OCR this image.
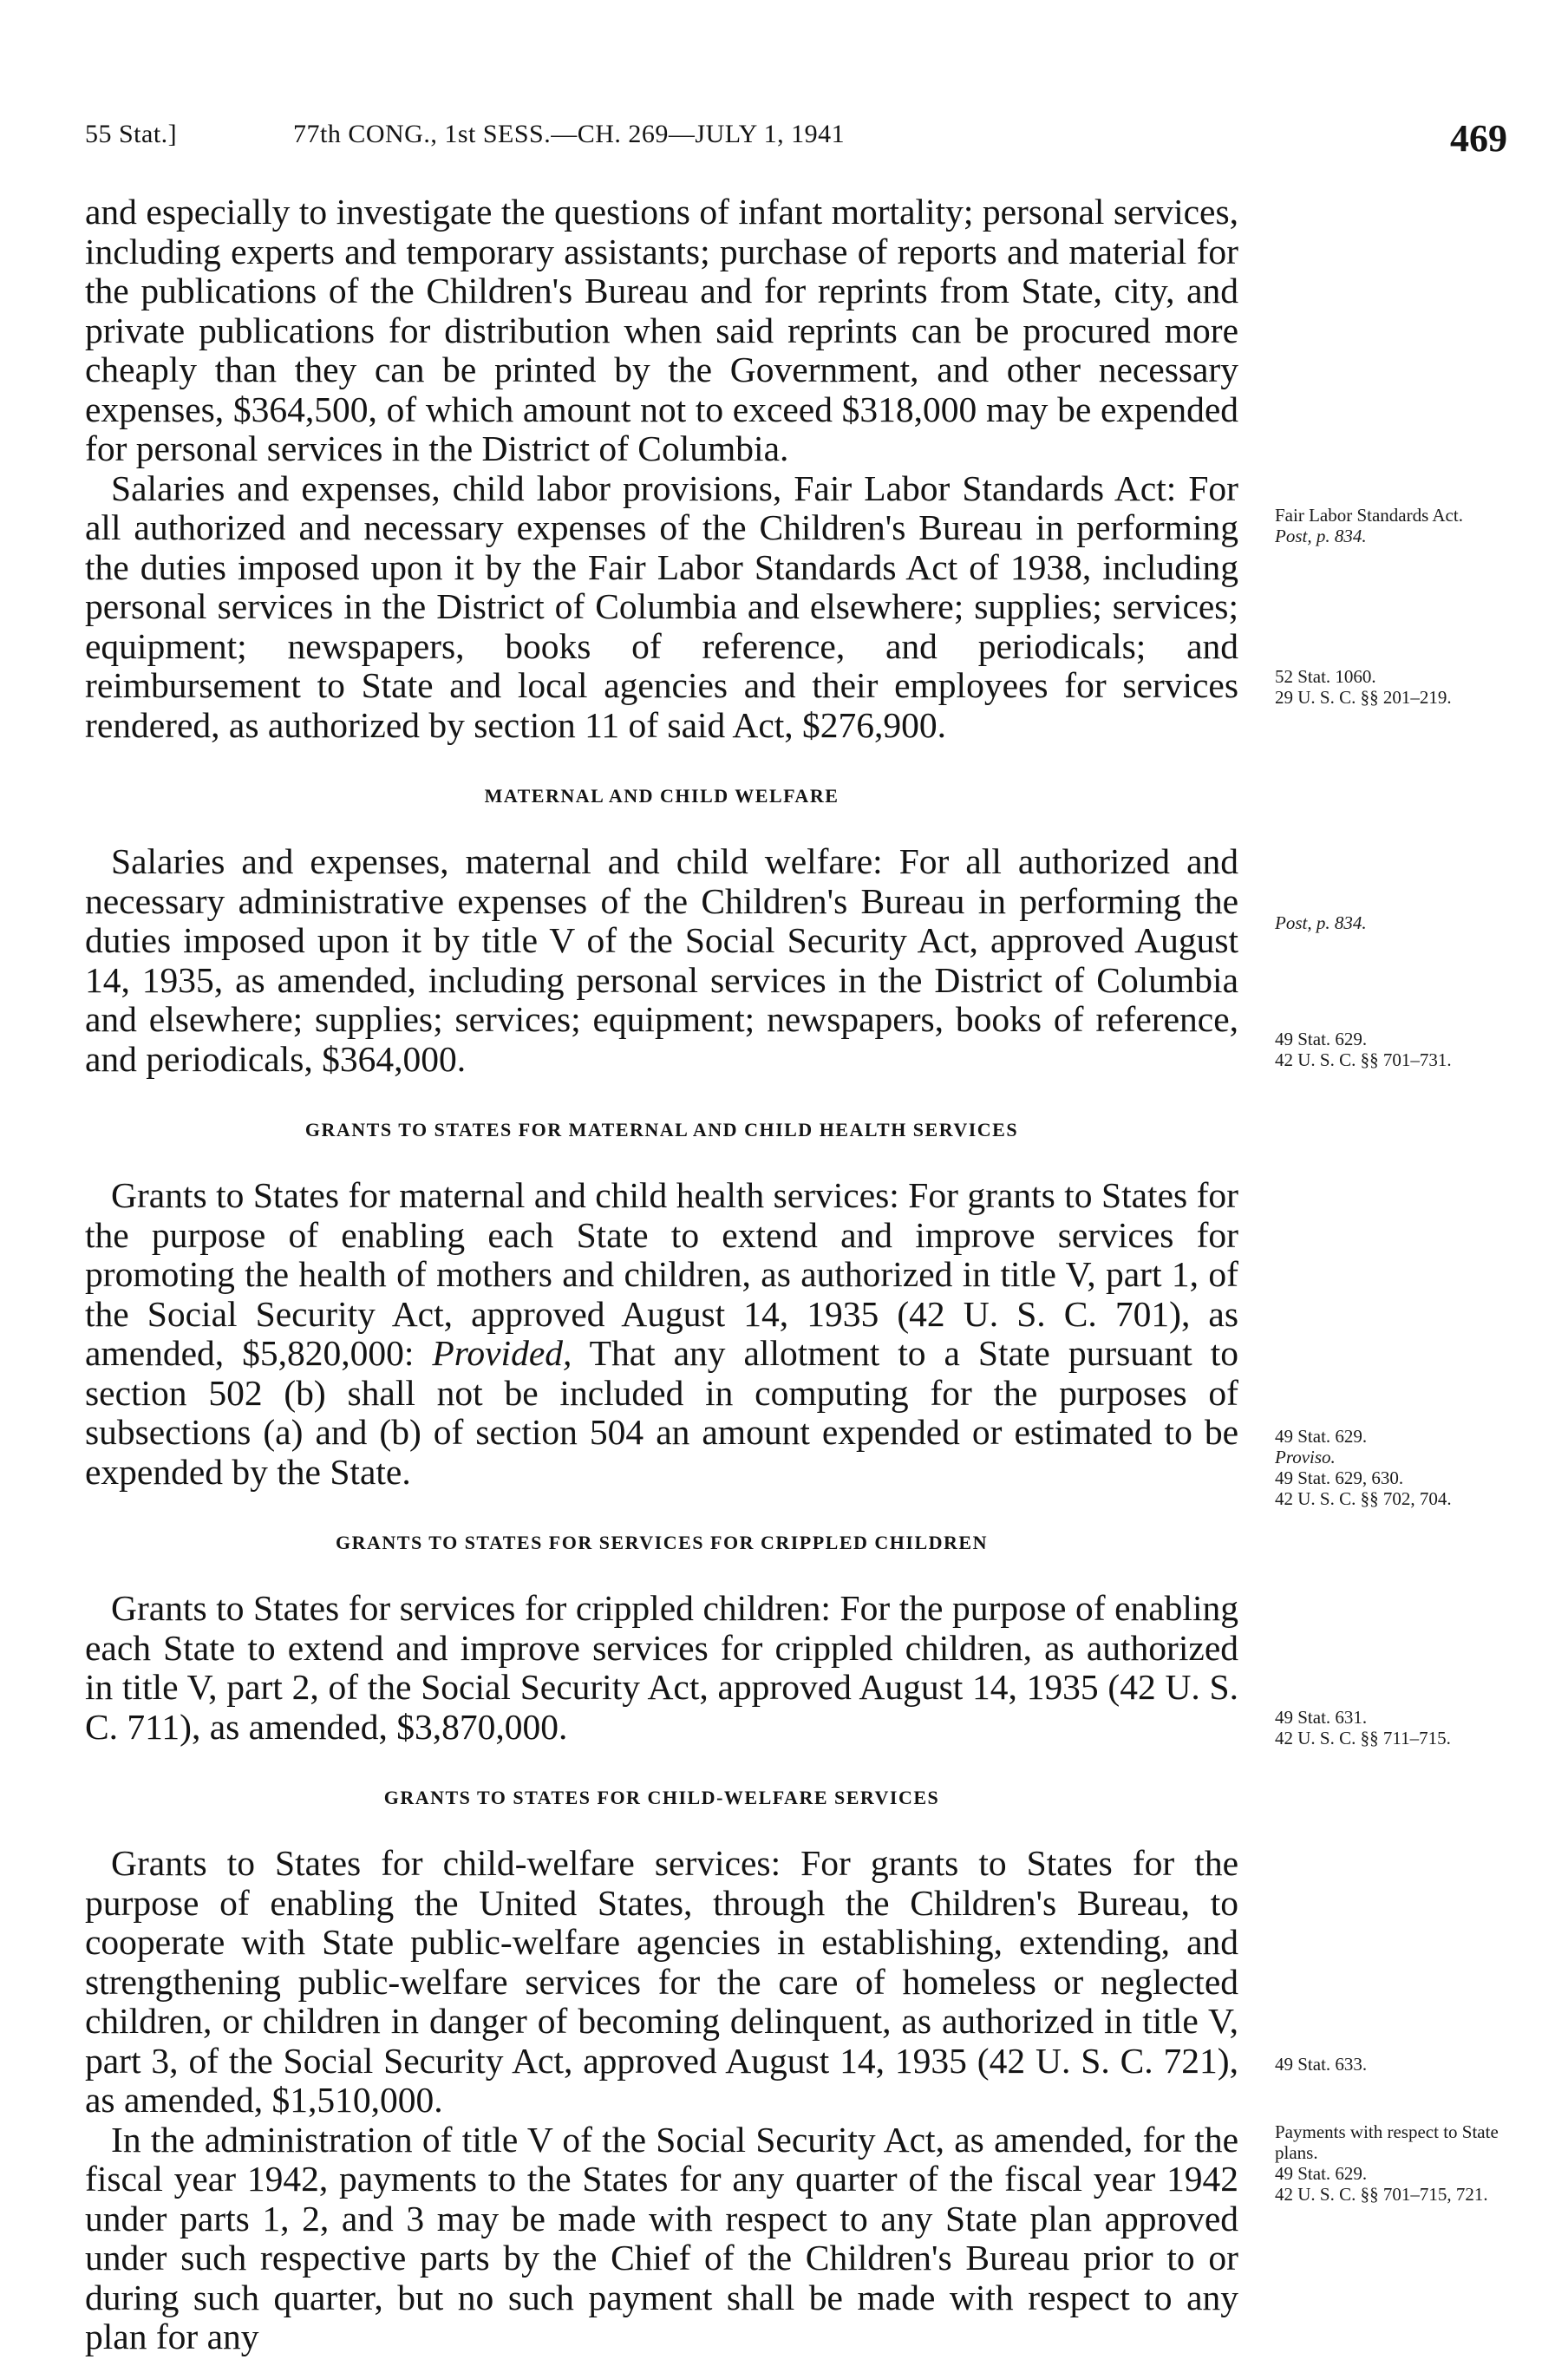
55 Stat.]	77th CONG., 1st SESS.—CH. 269—JULY 1, 1941	469

and especially to investigate the questions of infant mortality; personal services, including experts and temporary assistants; purchase of reports and material for the publications of the Children's Bureau and for reprints from State, city, and private publications for distribution when said reprints can be procured more cheaply than they can be printed by the Government, and other necessary expenses, $364,500, of which amount not to exceed $318,000 may be expended for personal services in the District of Columbia.

Salaries and expenses, child labor provisions, Fair Labor Standards Act: For all authorized and necessary expenses of the Children's Bureau in performing the duties imposed upon it by the Fair Labor Standards Act of 1938, including personal services in the District of Columbia and elsewhere; supplies; services; equipment; newspapers, books of reference, and periodicals; and reimbursement to State and local agencies and their employees for services rendered, as authorized by section 11 of said Act, $276,900.

MATERNAL AND CHILD WELFARE

Salaries and expenses, maternal and child welfare: For all authorized and necessary administrative expenses of the Children's Bureau in performing the duties imposed upon it by title V of the Social Security Act, approved August 14, 1935, as amended, including personal services in the District of Columbia and elsewhere; supplies; services; equipment; newspapers, books of reference, and periodicals, $364,000.

GRANTS TO STATES FOR MATERNAL AND CHILD HEALTH SERVICES

Grants to States for maternal and child health services: For grants to States for the purpose of enabling each State to extend and improve services for promoting the health of mothers and children, as authorized in title V, part 1, of the Social Security Act, approved August 14, 1935 (42 U. S. C. 701), as amended, $5,820,000: Provided, That any allotment to a State pursuant to section 502 (b) shall not be included in computing for the purposes of subsections (a) and (b) of section 504 an amount expended or estimated to be expended by the State.

GRANTS TO STATES FOR SERVICES FOR CRIPPLED CHILDREN

Grants to States for services for crippled children: For the purpose of enabling each State to extend and improve services for crippled children, as authorized in title V, part 2, of the Social Security Act, approved August 14, 1935 (42 U. S. C. 711), as amended, $3,870,000.

GRANTS TO STATES FOR CHILD-WELFARE SERVICES

Grants to States for child-welfare services: For grants to States for the purpose of enabling the United States, through the Children's Bureau, to cooperate with State public-welfare agencies in establishing, extending, and strengthening public-welfare services for the care of homeless or neglected children, or children in danger of becoming delinquent, as authorized in title V, part 3, of the Social Security Act, approved August 14, 1935 (42 U. S. C. 721), as amended, $1,510,000.

In the administration of title V of the Social Security Act, as amended, for the fiscal year 1942, payments to the States for any quarter of the fiscal year 1942 under parts 1, 2, and 3 may be made with respect to any State plan approved under such respective parts by the Chief of the Children's Bureau prior to or during such quarter, but no such payment shall be made with respect to any plan for any

Fair Labor Standards Act.
Post, p. 834.
52 Stat. 1060.
29 U. S. C. §§ 201–219.
Post, p. 834.
49 Stat. 629.
42 U. S. C. §§ 701–731.
49 Stat. 629.
Proviso.
49 Stat. 629, 630.
42 U. S. C. §§ 702, 704.
49 Stat. 631.
42 U. S. C. §§ 711–715.
49 Stat. 633.
Payments with respect to State plans.
49 Stat. 629.
42 U. S. C. §§ 701–715, 721.
